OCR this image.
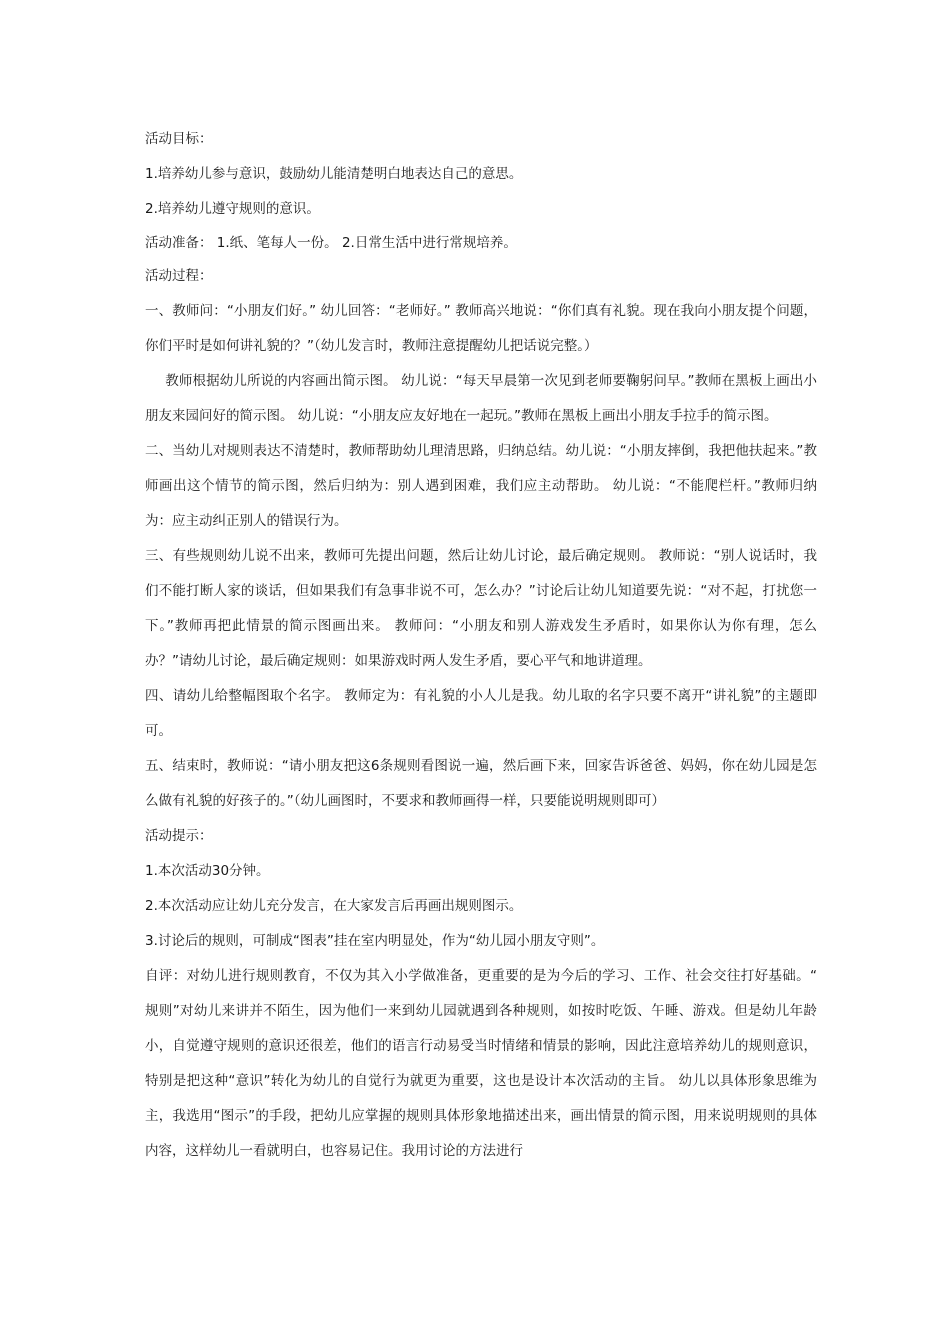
活动目标：

1.培养幼儿参与意识，鼓励幼儿能清楚明白地表达自己的意思。

2.培养幼儿遵守规则的意识。

活动准备： 1.纸、笔每人一份。 2.日常生活中进行常规培养。

活动过程：

一、教师问：“小朋友们好。” 幼儿回答：“老师好。” 教师高兴地说：“你们真有礼貌。现在我向小朋友提个问题，你们平时是如何讲礼貌的？”（幼儿发言时，教师注意提醒幼儿把话说完整。）

教师根据幼儿所说的内容画出简示图。 幼儿说：“每天早晨第一次见到老师要鞠躬问早。”教师在黑板上画出小朋友来园问好的简示图。 幼儿说：“小朋友应友好地在一起玩。”教师在黑板上画出小朋友手拉手的简示图。

二、当幼儿对规则表达不清楚时，教师帮助幼儿理清思路，归纳总结。幼儿说：“小朋友摔倒，我把他扶起来。”教师画出这个情节的简示图，然后归纳为：别人遇到困难，我们应主动帮助。 幼儿说：“不能爬栏杆。”教师归纳为：应主动纠正别人的错误行为。

三、有些规则幼儿说不出来，教师可先提出问题，然后让幼儿讨论，最后确定规则。 教师说：“别人说话时，我们不能打断人家的谈话，但如果我们有急事非说不可，怎么办？”讨论后让幼儿知道要先说：“对不起，打扰您一下。”教师再把此情景的简示图画出来。 教师问：“小朋友和别人游戏发生矛盾时，如果你认为你有理，怎么办？”请幼儿讨论，最后确定规则：如果游戏时两人发生矛盾，要心平气和地讲道理。

四、请幼儿给整幅图取个名字。 教师定为：有礼貌的小人儿是我。幼儿取的名字只要不离开“讲礼貌”的主题即可。

五、结束时，教师说：“请小朋友把这6条规则看图说一遍，然后画下来，回家告诉爸爸、妈妈，你在幼儿园是怎么做有礼貌的好孩子的。”（幼儿画图时，不要求和教师画得一样，只要能说明规则即可）

活动提示：

1.本次活动30分钟。

2.本次活动应让幼儿充分发言，在大家发言后再画出规则图示。

3.讨论后的规则，可制成“图表”挂在室内明显处，作为“幼儿园小朋友守则”。

自评：对幼儿进行规则教育，不仅为其入小学做准备，更重要的是为今后的学习、工作、社会交往打好基础。“ 规则”对幼儿来讲并不陌生，因为他们一来到幼儿园就遇到各种规则，如按时吃饭、午睡、游戏。但是幼儿年龄小，自觉遵守规则的意识还很差，他们的语言行动易受当时情绪和情景的影响，因此注意培养幼儿的规则意识，特别是把这种“意识”转化为幼儿的自觉行为就更为重要，这也是设计本次活动的主旨。 幼儿以具体形象思维为主，我选用“图示”的手段，把幼儿应掌握的规则具体形象地描述出来，画出情景的简示图，用来说明规则的具体内容，这样幼儿一看就明白，也容易记住。我用讨论的方法进行
